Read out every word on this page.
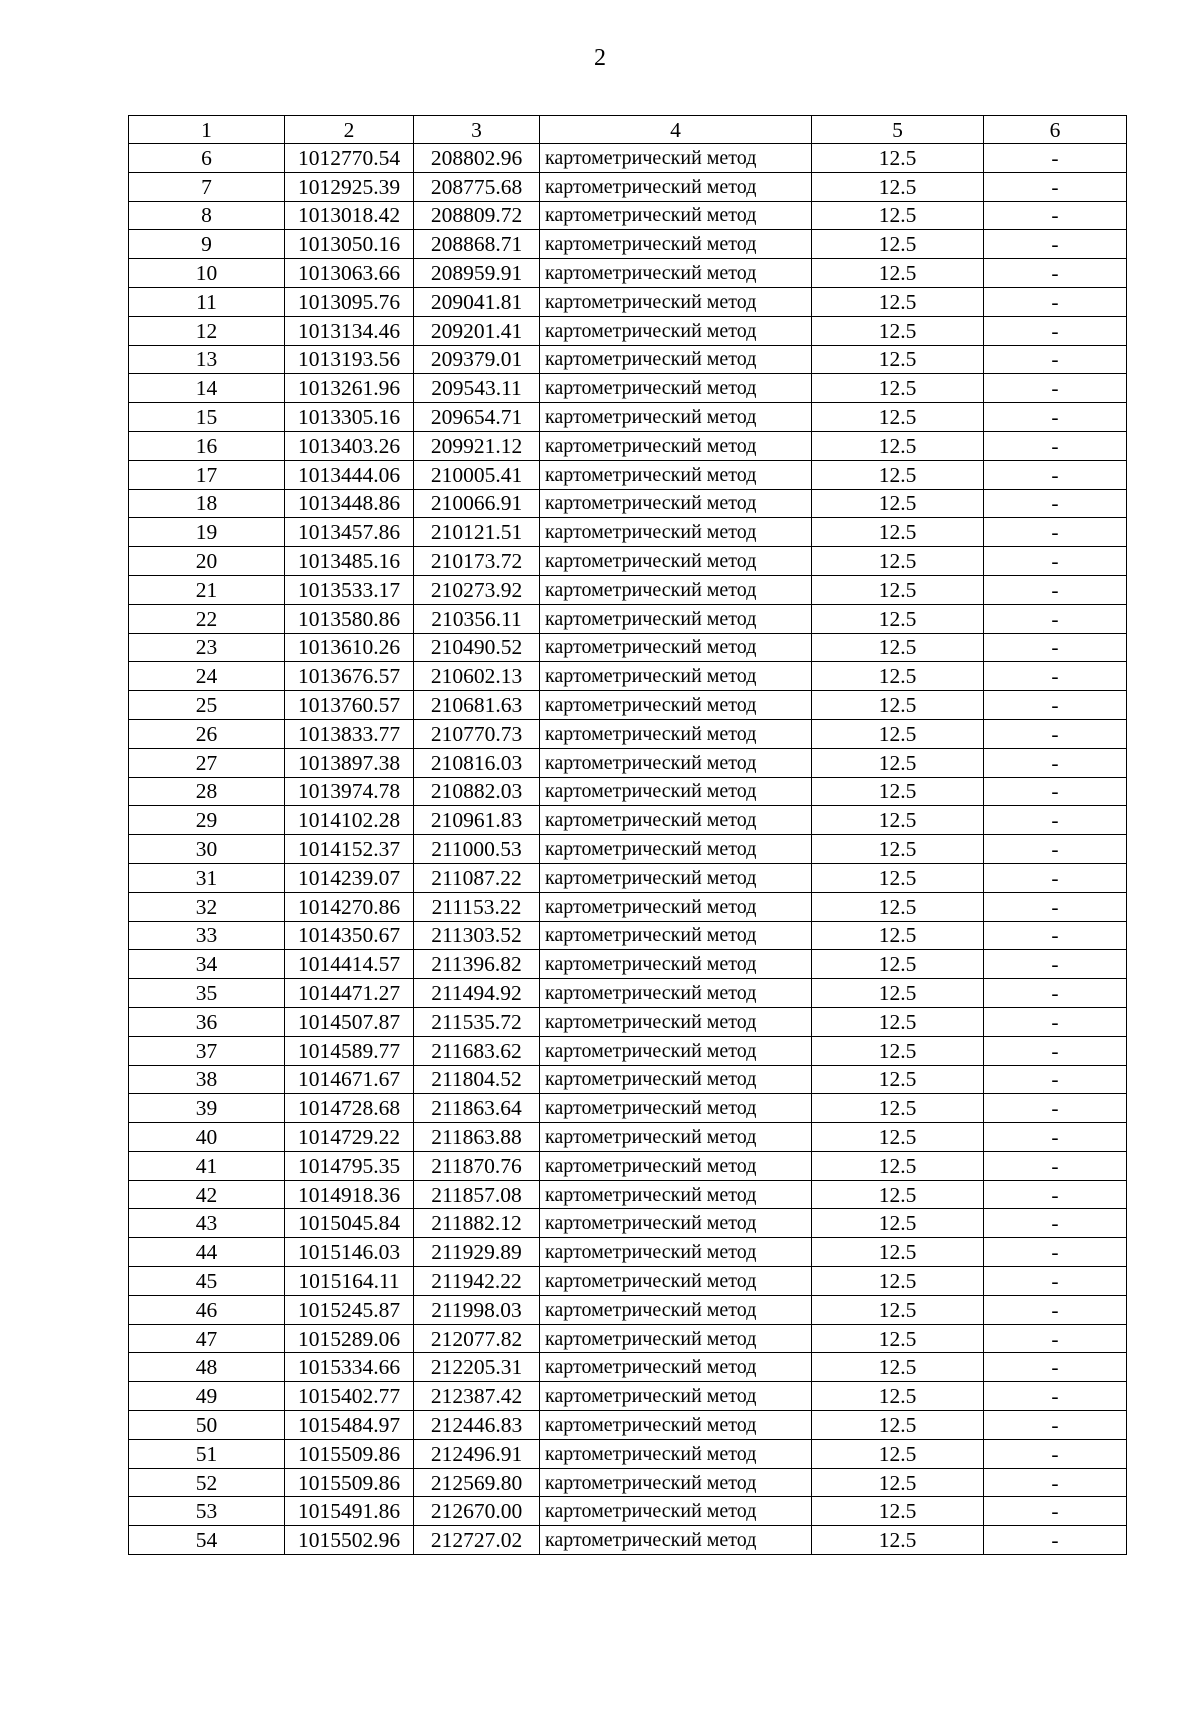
2
1	2	3	4	5	6
6	1012770.54	208802.96	картометрический метод	12.5	-
7	1012925.39	208775.68	картометрический метод	12.5	-
8	1013018.42	208809.72	картометрический метод	12.5	-
9	1013050.16	208868.71	картометрический метод	12.5	-
10	1013063.66	208959.91	картометрический метод	12.5	-
11	1013095.76	209041.81	картометрический метод	12.5	-
12	1013134.46	209201.41	картометрический метод	12.5	-
13	1013193.56	209379.01	картометрический метод	12.5	-
14	1013261.96	209543.11	картометрический метод	12.5	-
15	1013305.16	209654.71	картометрический метод	12.5	-
16	1013403.26	209921.12	картометрический метод	12.5	-
17	1013444.06	210005.41	картометрический метод	12.5	-
18	1013448.86	210066.91	картометрический метод	12.5	-
19	1013457.86	210121.51	картометрический метод	12.5	-
20	1013485.16	210173.72	картометрический метод	12.5	-
21	1013533.17	210273.92	картометрический метод	12.5	-
22	1013580.86	210356.11	картометрический метод	12.5	-
23	1013610.26	210490.52	картометрический метод	12.5	-
24	1013676.57	210602.13	картометрический метод	12.5	-
25	1013760.57	210681.63	картометрический метод	12.5	-
26	1013833.77	210770.73	картометрический метод	12.5	-
27	1013897.38	210816.03	картометрический метод	12.5	-
28	1013974.78	210882.03	картометрический метод	12.5	-
29	1014102.28	210961.83	картометрический метод	12.5	-
30	1014152.37	211000.53	картометрический метод	12.5	-
31	1014239.07	211087.22	картометрический метод	12.5	-
32	1014270.86	211153.22	картометрический метод	12.5	-
33	1014350.67	211303.52	картометрический метод	12.5	-
34	1014414.57	211396.82	картометрический метод	12.5	-
35	1014471.27	211494.92	картометрический метод	12.5	-
36	1014507.87	211535.72	картометрический метод	12.5	-
37	1014589.77	211683.62	картометрический метод	12.5	-
38	1014671.67	211804.52	картометрический метод	12.5	-
39	1014728.68	211863.64	картометрический метод	12.5	-
40	1014729.22	211863.88	картометрический метод	12.5	-
41	1014795.35	211870.76	картометрический метод	12.5	-
42	1014918.36	211857.08	картометрический метод	12.5	-
43	1015045.84	211882.12	картометрический метод	12.5	-
44	1015146.03	211929.89	картометрический метод	12.5	-
45	1015164.11	211942.22	картометрический метод	12.5	-
46	1015245.87	211998.03	картометрический метод	12.5	-
47	1015289.06	212077.82	картометрический метод	12.5	-
48	1015334.66	212205.31	картометрический метод	12.5	-
49	1015402.77	212387.42	картометрический метод	12.5	-
50	1015484.97	212446.83	картометрический метод	12.5	-
51	1015509.86	212496.91	картометрический метод	12.5	-
52	1015509.86	212569.80	картометрический метод	12.5	-
53	1015491.86	212670.00	картометрический метод	12.5	-
54	1015502.96	212727.02	картометрический метод	12.5	-
